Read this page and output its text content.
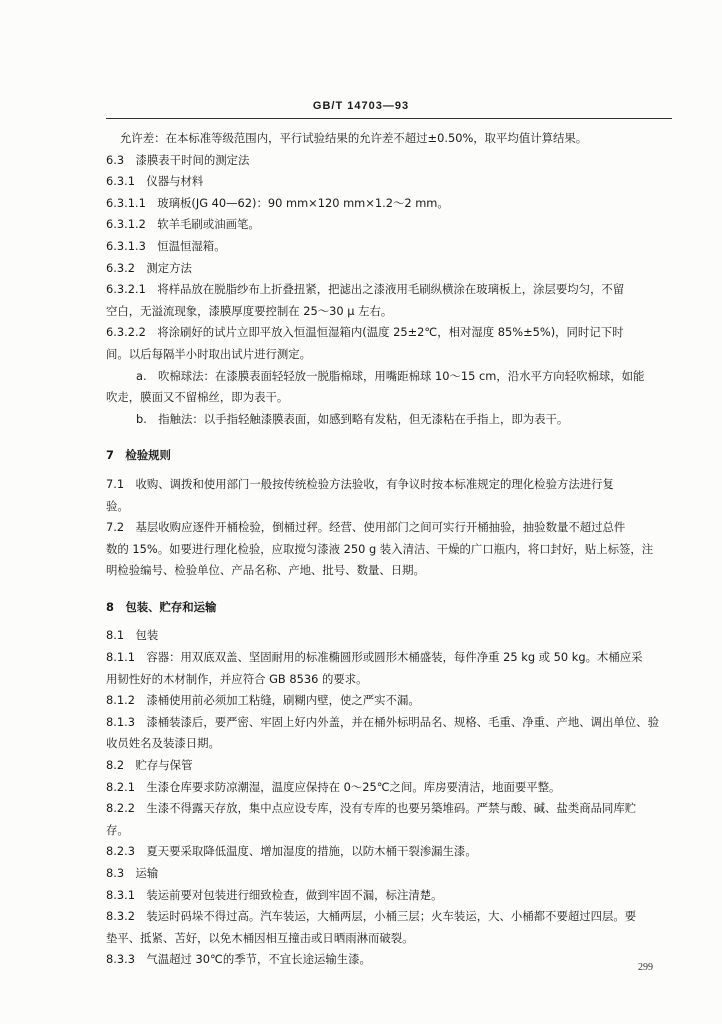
GB/T 14703—93
允许差：在本标准等级范围内，平行试验结果的允许差不超过±0.50%，取平均值计算结果。
6.3　漆膜表干时间的测定法
6.3.1　仪器与材料
6.3.1.1　玻璃板(JG 40—62)：90 mm×120 mm×1.2～2 mm。
6.3.1.2　软羊毛刷或油画笔。
6.3.1.3　恒温恒湿箱。
6.3.2　测定方法
6.3.2.1　将样品放在脱脂纱布上折叠扭紧，把滤出之漆液用毛刷纵横涂在玻璃板上，涂层要均匀，不留
空白，无溢流现象，漆膜厚度要控制在 25～30 μ 左右。
6.3.2.2　将涂刷好的试片立即平放入恒温恒湿箱内(温度 25±2℃，相对湿度 85%±5%)，同时记下时
间。以后每隔半小时取出试片进行测定。
a.　吹棉球法：在漆膜表面轻轻放一脱脂棉球，用嘴距棉球 10～15 cm，沿水平方向轻吹棉球，如能
吹走，膜面又不留棉丝，即为表干。
b.　指触法：以手指轻触漆膜表面，如感到略有发粘，但无漆粘在手指上，即为表干。
7　检验规则
7.1　收购、调拨和使用部门一般按传统检验方法验收，有争议时按本标准规定的理化检验方法进行复
验。
7.2　基层收购应逐件开桶检验，倒桶过秤。经营、使用部门之间可实行开桶抽验，抽验数量不超过总件
数的 15%。如要进行理化检验，应取搅匀漆液 250 g 装入清洁、干燥的广口瓶内，将口封好，贴上标签，注
明检验编号、检验单位、产品名称、产地、批号、数量、日期。
8　包装、贮存和运输
8.1　包装
8.1.1　容器：用双底双盖、坚固耐用的标准椭圆形或圆形木桶盛装，每件净重 25 kg 或 50 kg。木桶应采
用韧性好的木材制作，并应符合 GB 8536 的要求。
8.1.2　漆桶使用前必须加工粘缝，刷糊内壁，使之严实不漏。
8.1.3　漆桶装漆后，要严密、牢固上好内外盖，并在桶外标明品名、规格、毛重、净重、产地、调出单位、验
收员姓名及装漆日期。
8.2　贮存与保管
8.2.1　生漆仓库要求防凉潮湿，温度应保持在 0～25℃之间。库房要清洁，地面要平整。
8.2.2　生漆不得露天存放，集中点应设专库，没有专库的也要另築堆码。严禁与酸、碱、盐类商品同库贮
存。
8.2.3　夏天要采取降低温度、增加湿度的措施，以防木桶干裂渗漏生漆。
8.3　运输
8.3.1　装运前要对包装进行细致检查，做到牢固不漏，标注清楚。
8.3.2　装运时码垛不得过高。汽车装运，大桶两层，小桶三层；火车装运，大、小桶都不要超过四层。要
垫平、抵紧、苫好，以免木桶因相互撞击或日晒雨淋而破裂。
8.3.3　气温超过 30℃的季节，不宜长途运输生漆。
299
